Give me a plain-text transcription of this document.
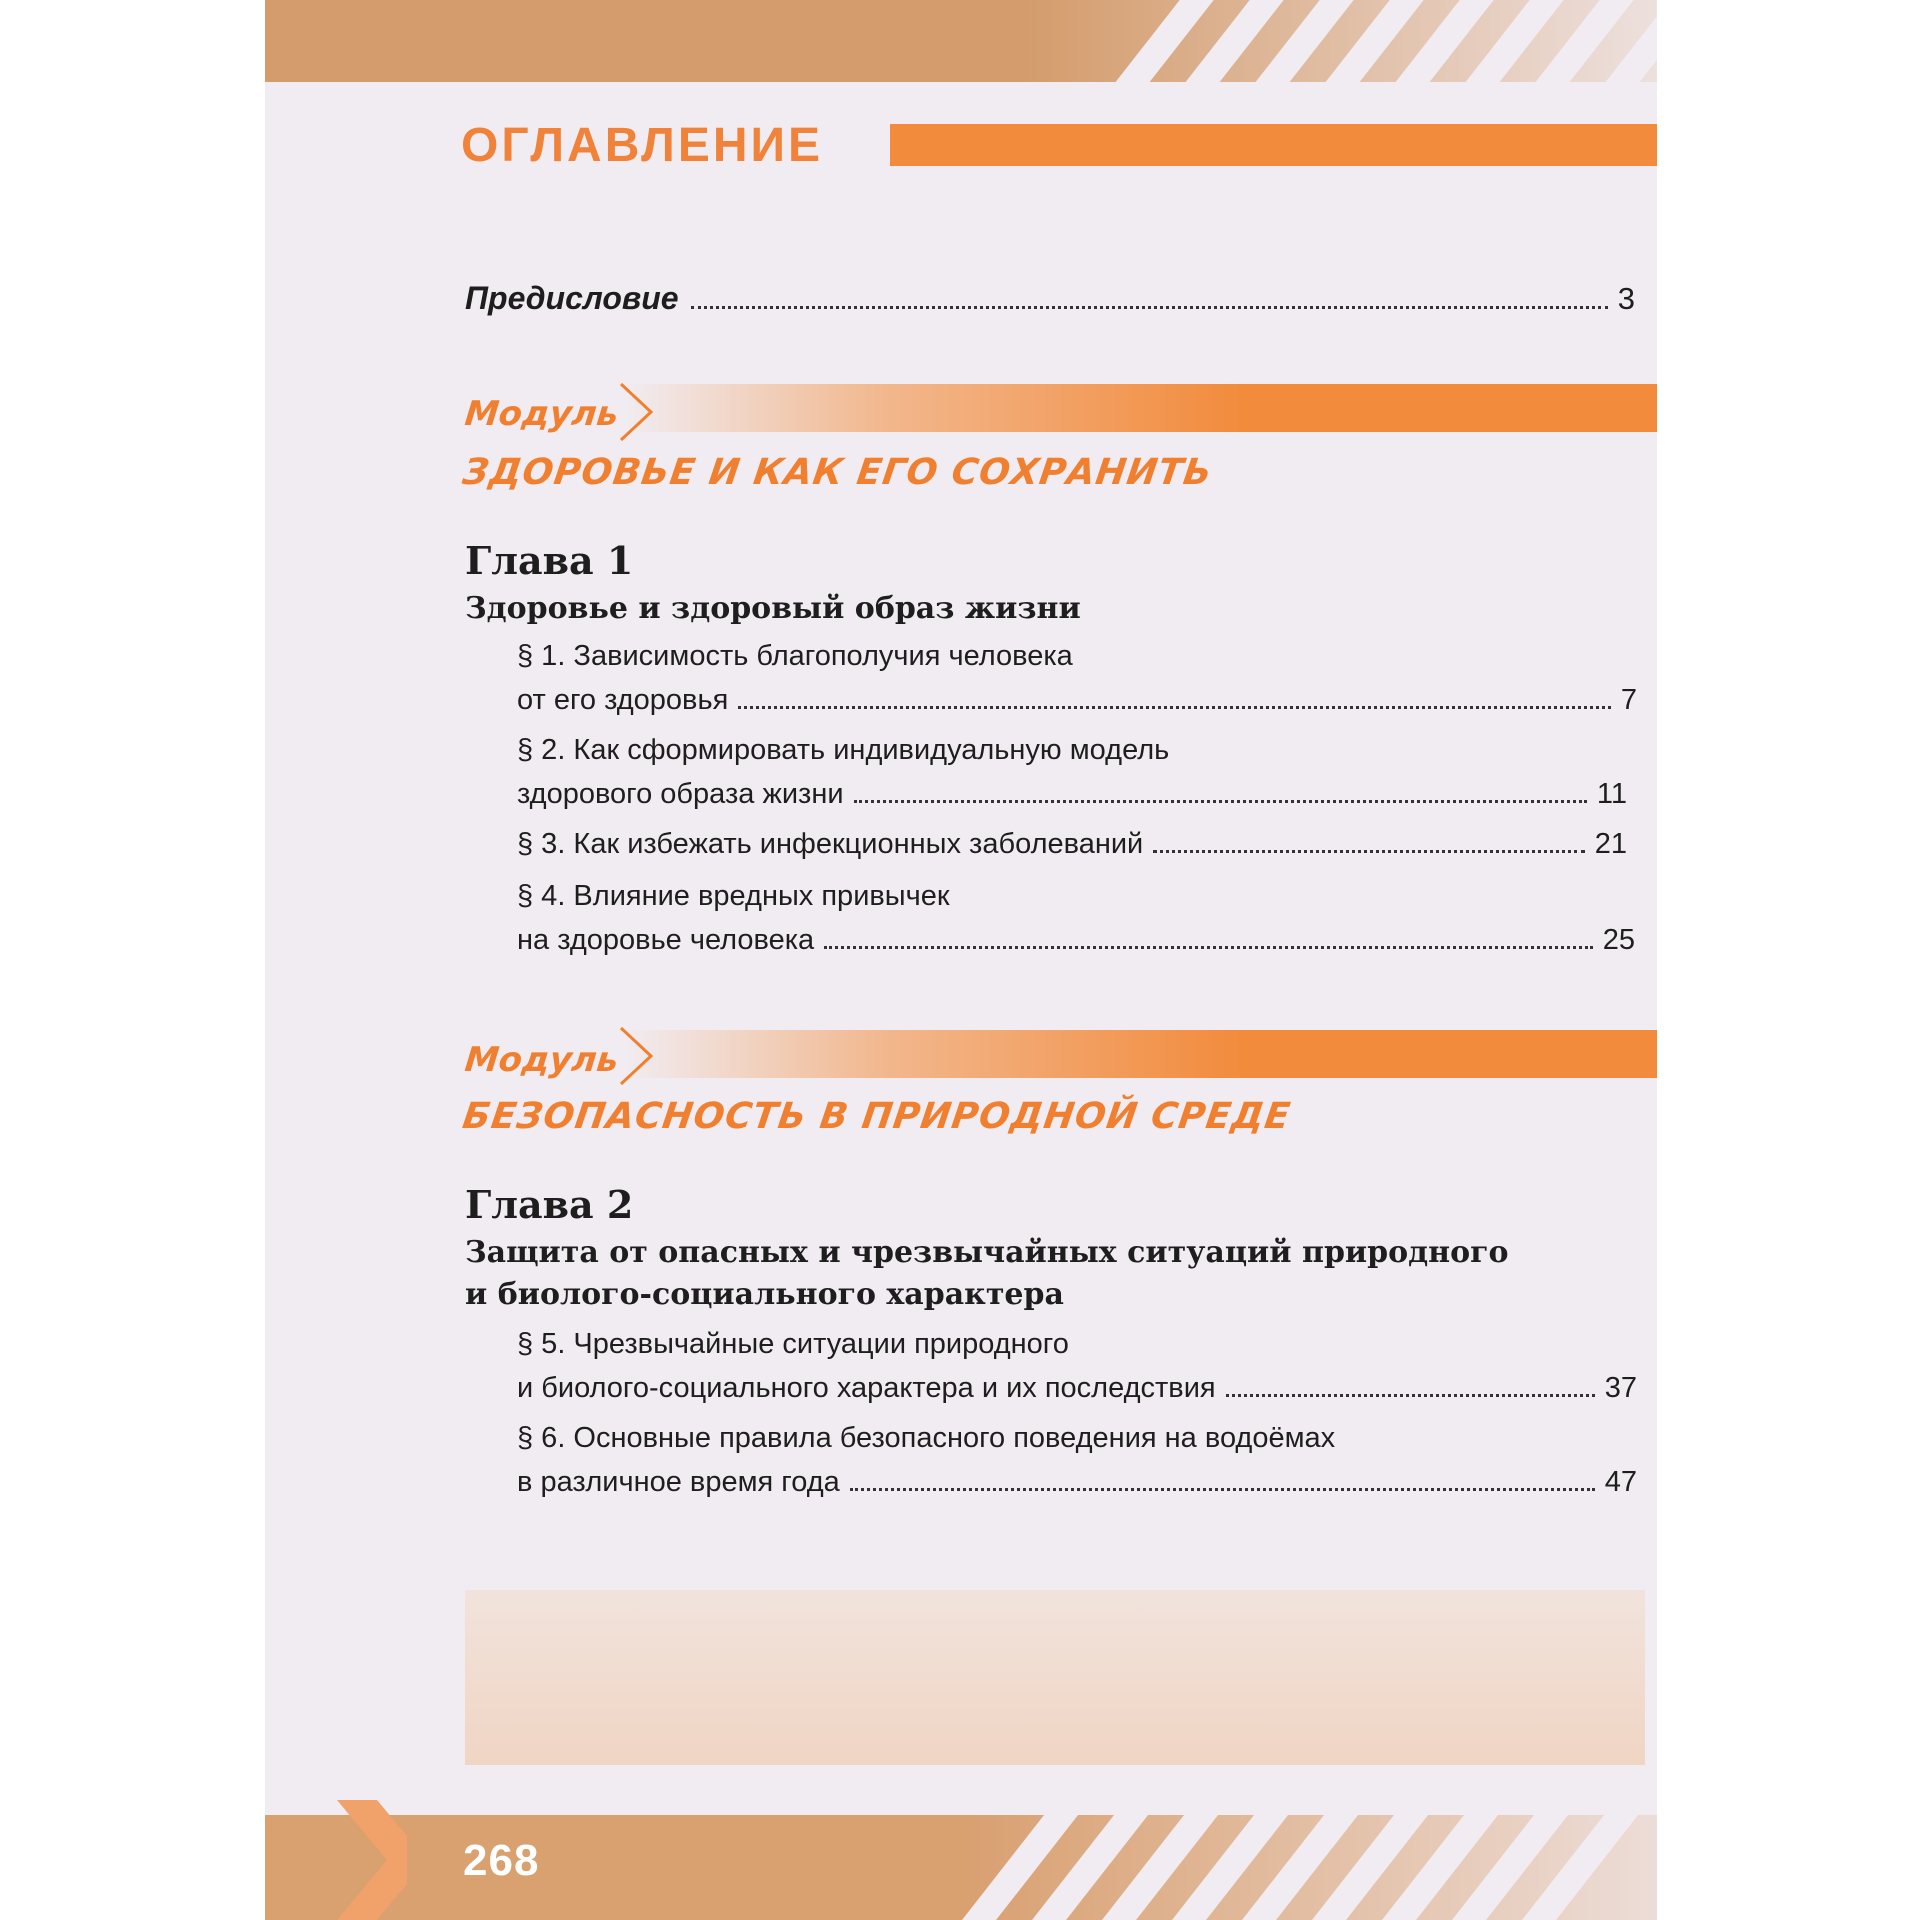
ОГЛАВЛЕНИЕ
Предисловие	3
Модуль
ЗДОРОВЬЕ И КАК ЕГО СОХРАНИТЬ
Глава 1
Здоровье и здоровый образ жизни
§ 1. Зависимость благополучия человека
от его здоровья	7
§ 2. Как сформировать индивидуальную модель
здорового образа жизни	11
§ 3. Как избежать инфекционных заболеваний	21
§ 4. Влияние вредных привычек
на здоровье человека	25
Модуль
БЕЗОПАСНОСТЬ В ПРИРОДНОЙ СРЕДЕ
Глава 2
Защита от опасных и чрезвычайных ситуаций природного
и биолого-социального характера
§ 5. Чрезвычайные ситуации природного
и биолого-социального характера и их последствия	37
§ 6. Основные правила безопасного поведения на водоёмах
в различное время года	47
268
